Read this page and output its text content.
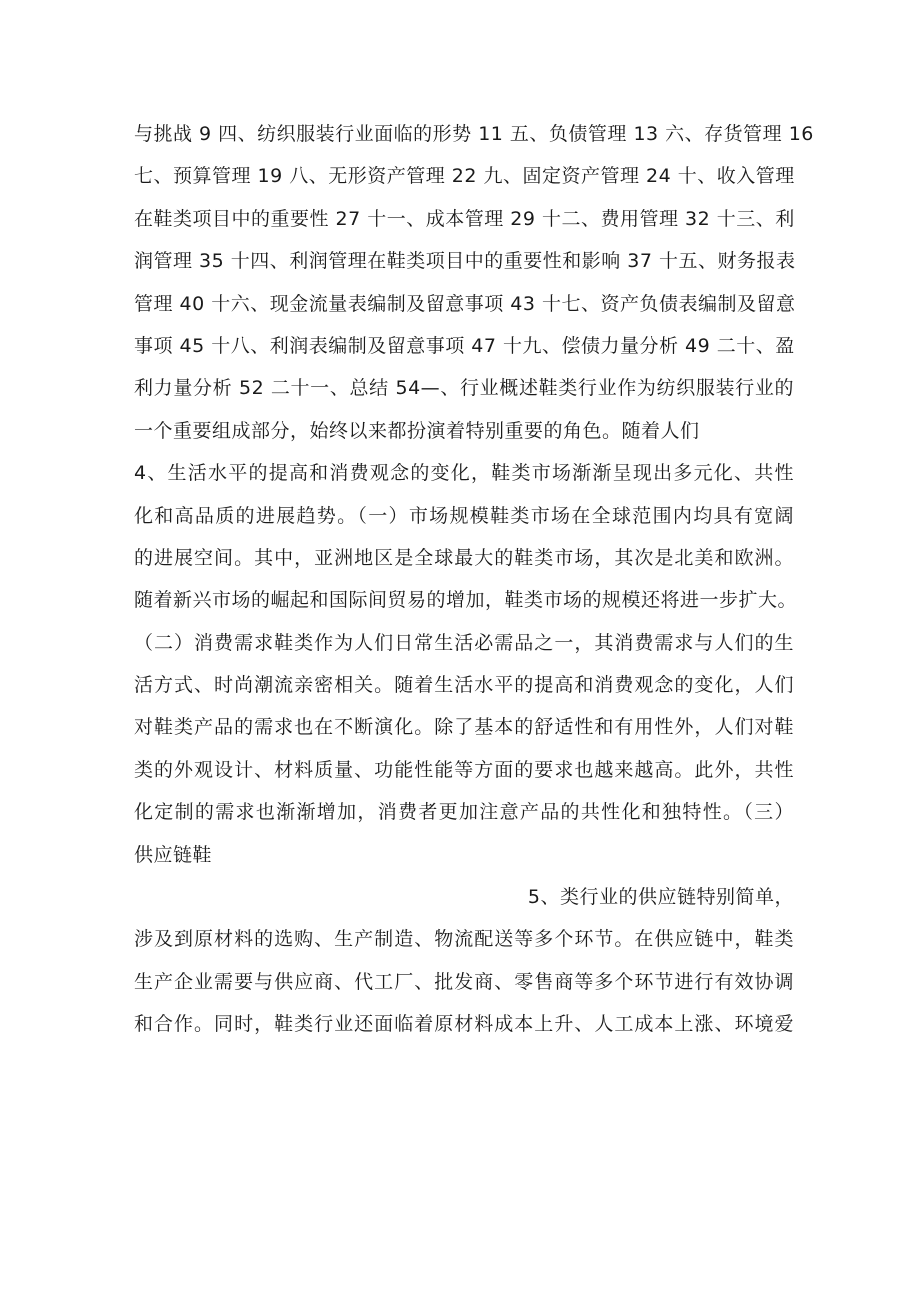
与挑战 9 四、纺织服装行业面临的形势 11 五、负债管理 13 六、存货管理 16
七、预算管理 19 八、无形资产管理 22 九、固定资产管理 24 十、收入管理
在鞋类项目中的重要性 27 十一、成本管理 29 十二、费用管理 32 十三、利
润管理 35 十四、利润管理在鞋类项目中的重要性和影响 37 十五、财务报表
管理 40 十六、现金流量表编制及留意事项 43 十七、资产负债表编制及留意
事项 45 十八、利润表编制及留意事项 47 十九、偿债力量分析 49 二十、盈
利力量分析 52 二十一、总结 54—、行业概述鞋类行业作为纺织服装行业的
一个重要组成部分，始终以来都扮演着特别重要的角色。随着人们
4、生活水平的提高和消费观念的变化，鞋类市场渐渐呈现出多元化、共性
化和高品质的进展趋势。（一）市场规模鞋类市场在全球范围内均具有宽阔
的进展空间。其中，亚洲地区是全球最大的鞋类市场，其次是北美和欧洲。
随着新兴市场的崛起和国际间贸易的增加，鞋类市场的规模还将进一步扩大。
（二）消费需求鞋类作为人们日常生活必需品之一，其消费需求与人们的生
活方式、时尚潮流亲密相关。随着生活水平的提高和消费观念的变化，人们
对鞋类产品的需求也在不断演化。除了基本的舒适性和有用性外，人们对鞋
类的外观设计、材料质量、功能性能等方面的要求也越来越高。此外，共性
化定制的需求也渐渐增加，消费者更加注意产品的共性化和独特性。（三）
供应链鞋
5、类行业的供应链特别简单，
涉及到原材料的选购、生产制造、物流配送等多个环节。在供应链中，鞋类
生产企业需要与供应商、代工厂、批发商、零售商等多个环节进行有效协调
和合作。同时，鞋类行业还面临着原材料成本上升、人工成本上涨、环境爱
